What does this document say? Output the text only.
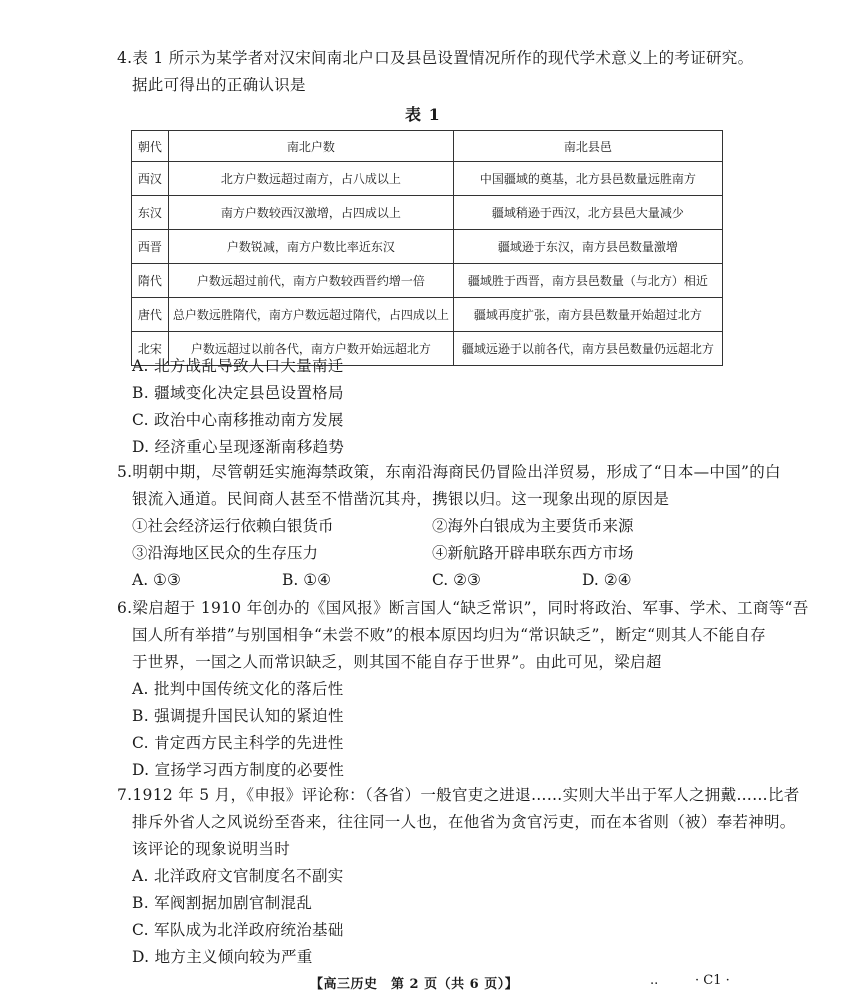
4.表 1 所示为某学者对汉宋间南北户口及县邑设置情况所作的现代学术意义上的考证研究。
据此可得出的正确认识是
表 1
朝代	南北户数	南北县邑
西汉	北方户数远超过南方，占八成以上	中国疆域的奠基，北方县邑数量远胜南方
东汉	南方户数较西汉激增，占四成以上	疆域稍逊于西汉，北方县邑大量减少
西晋	户数锐减，南方户数比率近东汉	疆域逊于东汉，南方县邑数量激增
隋代	户数远超过前代，南方户数较西晋约增一倍	疆域胜于西晋，南方县邑数量（与北方）相近
唐代	总户数远胜隋代，南方户数远超过隋代，占四成以上	疆域再度扩张，南方县邑数量开始超过北方
北宋	户数远超过以前各代，南方户数开始远超北方	疆域远逊于以前各代，南方县邑数量仍远超北方
A. 北方战乱导致人口大量南迁
B. 疆域变化决定县邑设置格局
C. 政治中心南移推动南方发展
D. 经济重心呈现逐渐南移趋势
5.明朝中期，尽管朝廷实施海禁政策，东南沿海商民仍冒险出洋贸易，形成了“日本—中国”的白
银流入通道。民间商人甚至不惜凿沉其舟，携银以归。这一现象出现的原因是
①社会经济运行依赖白银货币	②海外白银成为主要货币来源
③沿海地区民众的生存压力	④新航路开辟串联东西方市场
A. ①③	B. ①④	C. ②③	D. ②④
6.梁启超于 1910 年创办的《国风报》断言国人“缺乏常识”，同时将政治、军事、学术、工商等“吾
国人所有举措”与别国相争“未尝不败”的根本原因均归为“常识缺乏”，断定“则其人不能自存
于世界，一国之人而常识缺乏，则其国不能自存于世界”。由此可见，梁启超
A. 批判中国传统文化的落后性
B. 强调提升国民认知的紧迫性
C. 肯定西方民主科学的先进性
D. 宣扬学习西方制度的必要性
7.1912 年 5 月，《申报》评论称：（各省）一般官吏之进退……实则大半出于军人之拥戴……比者
排斥外省人之风说纷至沓来，往往同一人也，在他省为贪官污吏，而在本省则（被）奉若神明。
该评论的现象说明当时
A. 北洋政府文官制度名不副实
B. 军阀割据加剧官制混乱
C. 军队成为北洋政府统治基础
D. 地方主义倾向较为严重
【高三历史　第 2 页（共 6 页）】	..	· C1 ·
